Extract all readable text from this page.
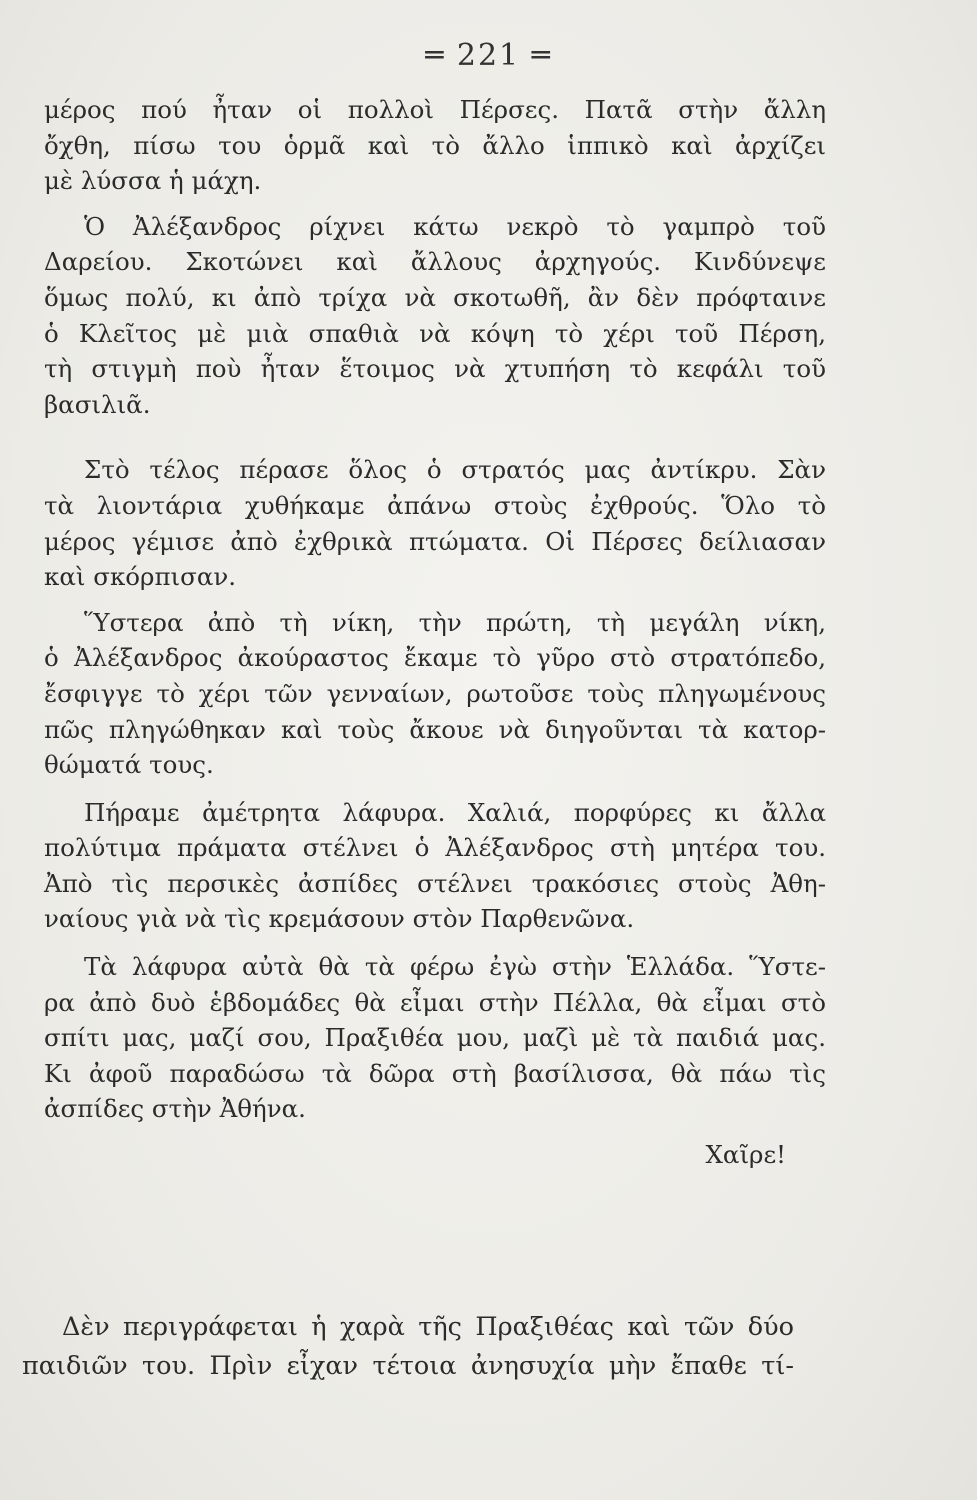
═ 221 ═
μέρος πού ἦταν οἱ πολλοὶ Πέρσες. Πατᾶ στὴν ἄλλη
ὄχθη, πίσω του ὁρμᾶ καὶ τὸ ἄλλο ἱππικὸ καὶ ἀρχίζει
μὲ λύσσα ἡ μάχη.
Ὁ Ἀλέξανδρος ρίχνει κάτω νεκρὸ τὸ γαμπρὸ τοῦ
Δαρείου. Σκοτώνει καὶ ἄλλους ἀρχηγούς. Κινδύνεψε
ὅμως πολύ, κι ἀπὸ τρίχα νὰ σκοτωθῆ, ἂν δὲν πρόφταινε
ὁ Κλεῖτος μὲ μιὰ σπαθιὰ νὰ κόψη τὸ χέρι τοῦ Πέρση,
τὴ στιγμὴ ποὺ ἦταν ἕτοιμος νὰ χτυπήση τὸ κεφάλι τοῦ
βασιλιᾶ.
Στὸ τέλος πέρασε ὅλος ὁ στρατός μας ἀντίκρυ. Σὰν
τὰ λιοντάρια χυθήκαμε ἀπάνω στοὺς ἐχθρούς. Ὅλο τὸ
μέρος γέμισε ἀπὸ ἐχθρικὰ πτώματα. Οἱ Πέρσες δείλιασαν
καὶ σκόρπισαν.
Ὕστερα ἀπὸ τὴ νίκη, τὴν πρώτη, τὴ μεγάλη νίκη,
ὁ Ἀλέξανδρος ἀκούραστος ἔκαμε τὸ γῦρο στὸ στρατόπεδο,
ἔσφιγγε τὸ χέρι τῶν γενναίων, ρωτοῦσε τοὺς πληγωμένους
πῶς πληγώθηκαν καὶ τοὺς ἄκουε νὰ διηγοῦνται τὰ κατορ-
θώματά τους.
Πήραμε ἀμέτρητα λάφυρα. Χαλιά, πορφύρες κι ἄλλα
πολύτιμα πράματα στέλνει ὁ Ἀλέξανδρος στὴ μητέρα του.
Ἀπὸ τὶς περσικὲς ἀσπίδες στέλνει τρακόσιες στοὺς Ἀθη-
ναίους γιὰ νὰ τὶς κρεμάσουν στὸν Παρθενῶνα.
Τὰ λάφυρα αὐτὰ θὰ τὰ φέρω ἐγὼ στὴν Ἑλλάδα. Ὕστε-
ρα ἀπὸ δυὸ ἑβδομάδες θὰ εἶμαι στὴν Πέλλα, θὰ εἶμαι στὸ
σπίτι μας, μαζί σου, Πραξιθέα μου, μαζὶ μὲ τὰ παιδιά μας.
Κι ἀφοῦ παραδώσω τὰ δῶρα στὴ βασίλισσα, θὰ πάω τὶς
ἀσπίδες στὴν Ἀθήνα.
Χαῖρε!
Δὲν περιγράφεται ἡ χαρὰ τῆς Πραξιθέας καὶ τῶν δύο
παιδιῶν του. Πρὶν εἶχαν τέτοια ἀνησυχία μὴν ἔπαθε τί-
